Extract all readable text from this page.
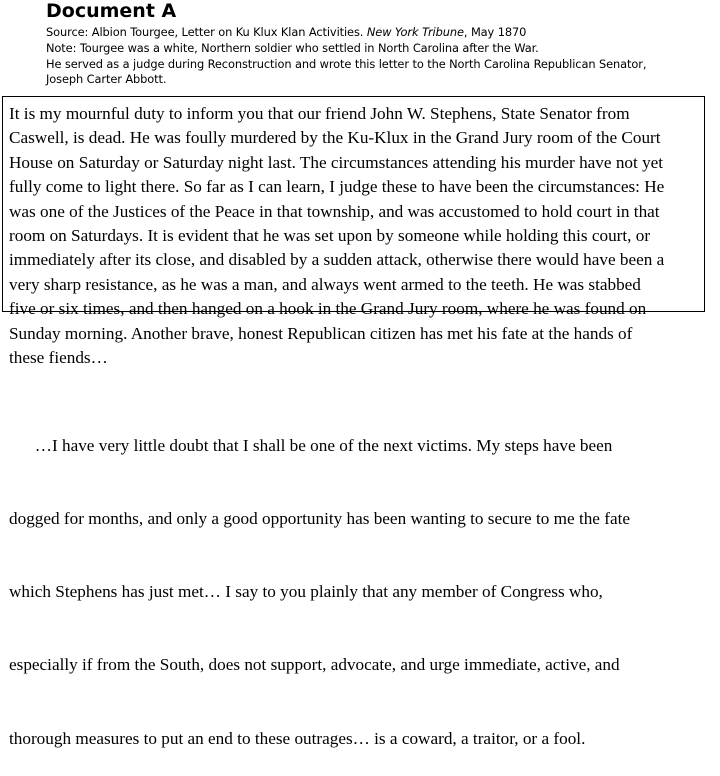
Document A
Source: Albion Tourgee, Letter on Ku Klux Klan Activities. New York Tribune, May 1870
Note: Tourgee was a white, Northern soldier who settled in North Carolina after the War.
He served as a judge during Reconstruction and wrote this letter to the North Carolina Republican Senator,
Joseph Carter Abbott.
It is my mournful duty to inform you that our friend John W. Stephens, State Senator from
Caswell, is dead. He was foully murdered by the Ku-Klux in the Grand Jury room of the Court
House on Saturday or Saturday night last. The circumstances attending his murder have not yet
fully come to light there. So far as I can learn, I judge these to have been the circumstances: He
was one of the Justices of the Peace in that township, and was accustomed to hold court in that
room on Saturdays. It is evident that he was set upon by someone while holding this court, or
immediately after its close, and disabled by a sudden attack, otherwise there would have been a
very sharp resistance, as he was a man, and always went armed to the teeth. He was stabbed
five or six times, and then hanged on a hook in the Grand Jury room, where he was found on
Sunday morning. Another brave, honest Republican citizen has met his fate at the hands of
these fiends…

…I have very little doubt that I shall be one of the next victims. My steps have been

dogged for months, and only a good opportunity has been wanting to secure to me the fate

which Stephens has just met… I say to you plainly that any member of Congress who,

especially if from the South, does not support, advocate, and urge immediate, active, and

thorough measures to put an end to these outrages… is a coward, a traitor, or a fool.
